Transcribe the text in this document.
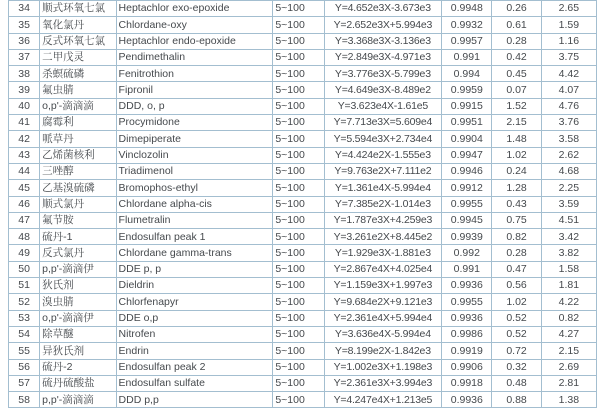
34	顺式环氧七氯	Heptachlor exo-epoxide	5~100	Y=4.652e3X-3.673e3	0.9948	0.26	2.65
35	氧化氯丹	Chlordane-oxy	5~100	Y=2.652e3X+5.994e3	0.9932	0.61	1.59
36	反式环氧七氯	Heptachlor endo-epoxide	5~100	Y=3.368e3X-3.136e3	0.9957	0.28	1.16
37	二甲戊灵	Pendimethalin	5~100	Y=2.849e3X-4.971e3	0.991	0.42	3.75
38	杀螟硫磷	Fenitrothion	5~100	Y=3.776e3X-5.799e3	0.994	0.45	4.42
39	氟虫腈	Fipronil	5~100	Y=4.649e3X-8.489e2	0.9959	0.07	4.07
40	o,p'-滴滴滴	DDD, o, p	5~100	Y=3.623e4X-1.61e5	0.9915	1.52	4.76
41	腐霉利	Procymidone	5~100	Y=7.713e3X=5.609e4	0.9951	2.15	3.76
42	哌草丹	Dimepiperate	5~100	Y=5.594e3X+2.734e4	0.9904	1.48	3.58
43	乙烯菌核利	Vinclozolin	5~100	Y=4.424e2X-1.555e3	0.9947	1.02	2.62
44	三唑醇	Triadimenol	5~100	Y=9.763e2X+7.111e2	0.9946	0.24	4.68
45	乙基溴硫磷	Bromophos-ethyl	5~100	Y=1.361e4X-5.994e4	0.9912	1.28	2.25
46	顺式氯丹	Chlordane alpha-cis	5~100	Y=7.385e2X-1.014e3	0.9955	0.43	3.59
47	氟节胺	Flumetralin	5~100	Y=1.787e3X+4.259e3	0.9945	0.75	4.51
48	硫丹-1	Endosulfan peak 1	5~100	Y=3.261e2X+8.445e2	0.9939	0.82	3.42
49	反式氯丹	Chlordane gamma-trans	5~100	Y=1.929e3X-1.881e3	0.992	0.28	3.82
50	p,p'-滴滴伊	DDE p, p	5~100	Y=2.867e4X+4.025e4	0.991	0.47	1.58
51	狄氏剂	Dieldrin	5~100	Y=1.159e3X+1.997e3	0.9936	0.56	1.81
52	溴虫腈	Chlorfenapyr	5~100	Y=9.684e2X+9.121e3	0.9955	1.02	4.22
53	o,p'-滴滴伊	DDE o,p	5~100	Y=2.361e4X+5.994e4	0.9936	0.52	0.82
54	除草醚	Nitrofen	5~100	Y=3.636e4X-5.994e4	0.9986	0.52	4.27
55	异狄氏剂	Endrin	5~100	Y=8.199e2X-1.842e3	0.9919	0.72	2.15
56	硫丹-2	Endosulfan peak 2	5~100	Y=1.002e3X+1.198e3	0.9906	0.32	2.69
57	硫丹硫酸盐	Endosulfan sulfate	5~100	Y=2.361e3X+3.994e3	0.9918	0.48	2.81
58	p,p'-滴滴滴	DDD p,p	5~100	Y=4.247e4X+1.213e5	0.9936	0.88	1.38
